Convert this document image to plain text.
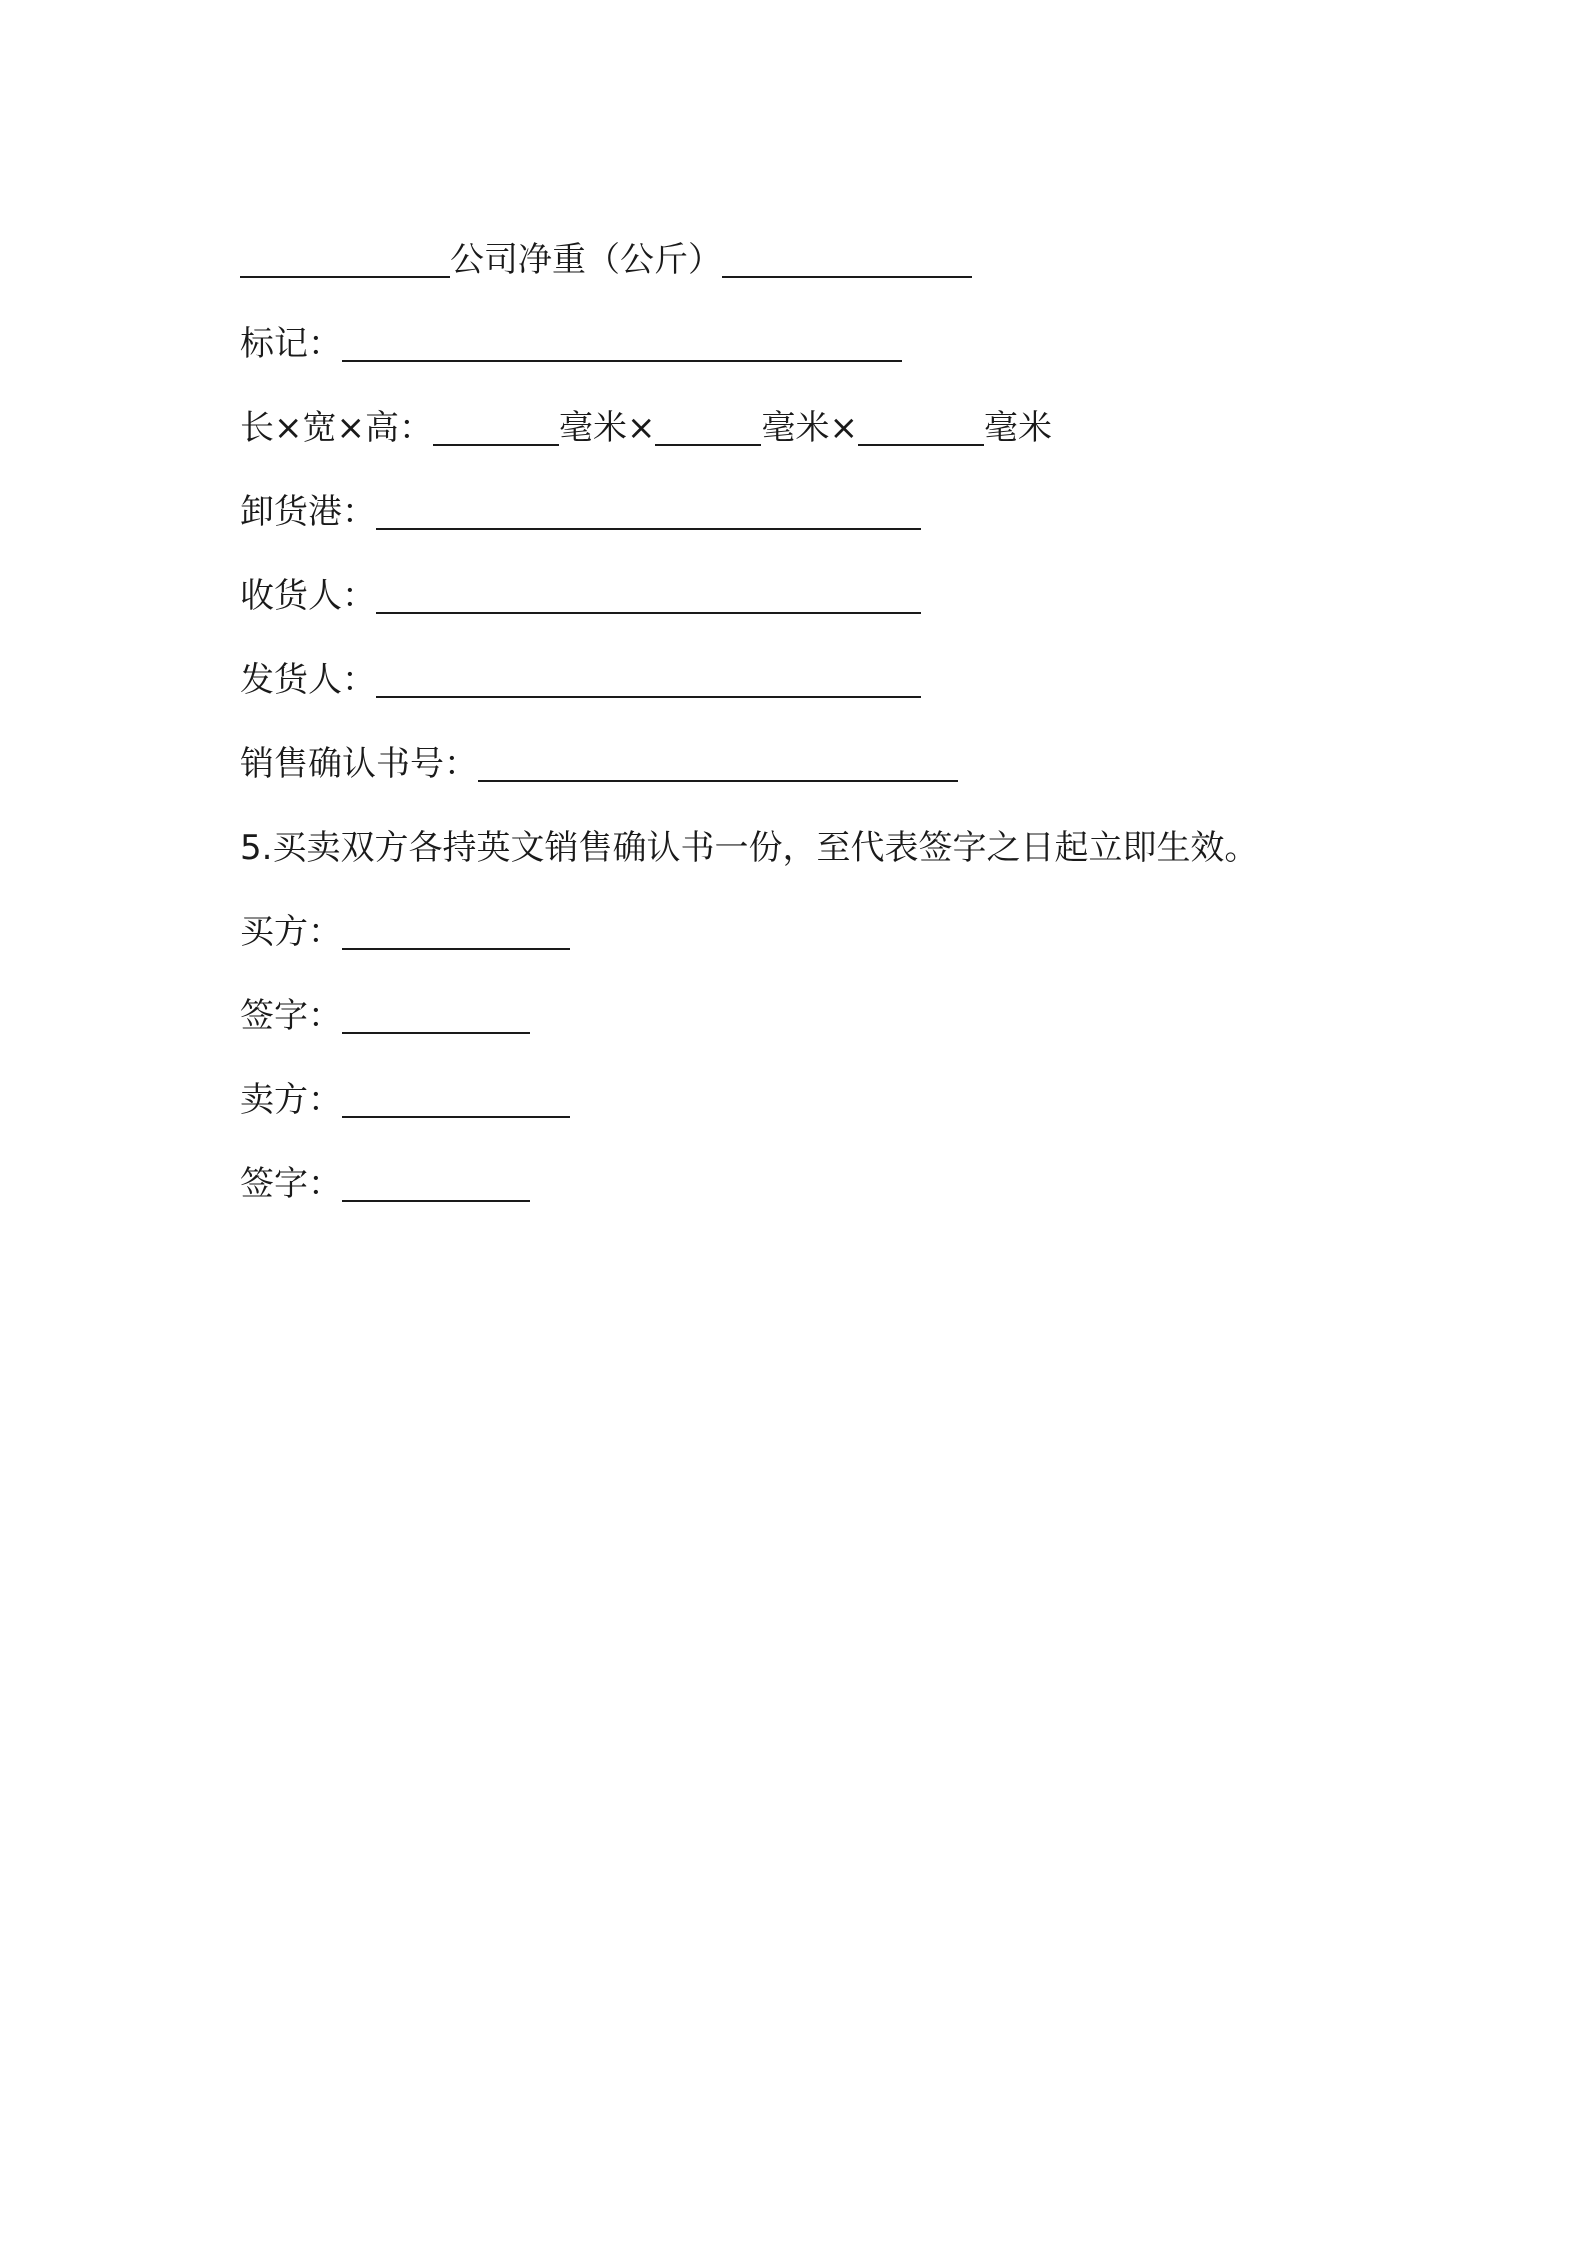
公司净重（公斤）
标记：
长×宽×高：	毫米×	毫米×	毫米
卸货港：
收货人：
发货人：
销售确认书号：
5.买卖双方各持英文销售确认书一份，至代表签字之日起立即生效。
买方：
签字：
卖方：
签字：
